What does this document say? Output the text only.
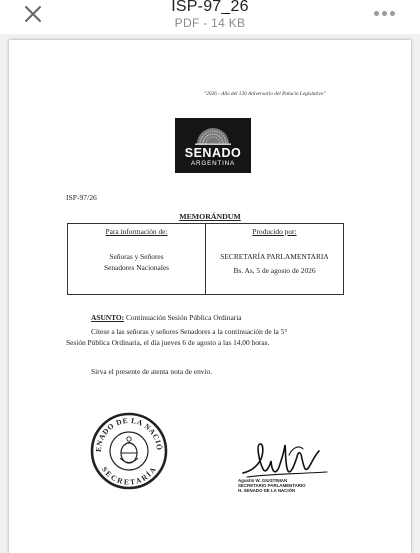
ISP-97_26
PDF - 14 KB
"2026 - Año del 130 Aniversario del Palacio Legislativo"
SENADO
ARGENTINA
ISP-97/26
MEMORÁNDUM
Para información de:
Señoras y Señores
Senadores Nacionales
Producido por:
SECRETARÍA PARLAMENTARIA
Bs. As, 5 de agosto de 2026
ASUNTO: Continuación Sesión Pública Ordinaria
Cítese a las señoras y señores Senadores a la continuación de la 5°
Sesión Pública Ordinaria, el día jueves 6 de agosto a las 14.00 horas.
Sirva el presente de atenta nota de envío.
ENADO DE LA NACIÓ
SECRETARÍA
Agustín W. GIUSTINIAN
SECRETARIO PARLAMENTARIO
H. SENADO DE LA NACIÓN
